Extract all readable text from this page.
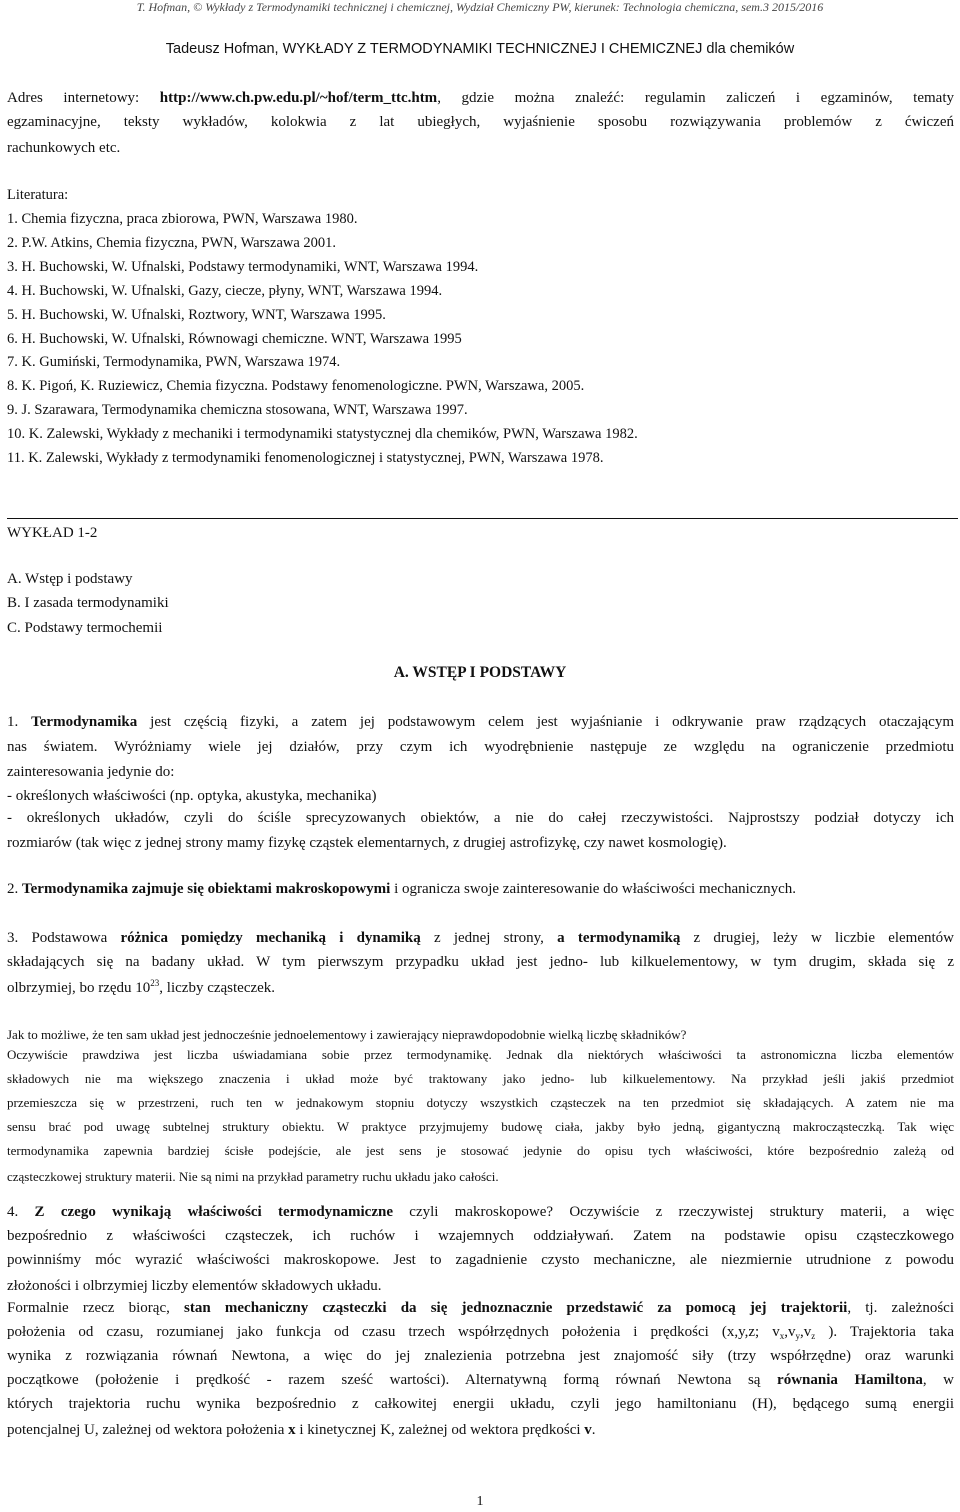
T. Hofman, © Wykłady z Termodynamiki technicznej i chemicznej, Wydział Chemiczny PW, kierunek: Technologia chemiczna, sem.3 2015/2016
Tadeusz Hofman, WYKŁADY Z TERMODYNAMIKI TECHNICZNEJ I CHEMICZNEJ dla chemików
Adres internetowy: http://www.ch.pw.edu.pl/~hof/term_ttc.htm, gdzie można znaleźć: regulamin zaliczeń i egzaminów, tematy
egzaminacyjne, teksty wykładów, kolokwia z lat ubiegłych, wyjaśnienie sposobu rozwiązywania problemów z ćwiczeń
rachunkowych etc.
Literatura:
1. Chemia fizyczna, praca zbiorowa, PWN, Warszawa 1980.
2. P.W. Atkins, Chemia fizyczna, PWN, Warszawa 2001.
3. H. Buchowski, W. Ufnalski, Podstawy termodynamiki, WNT, Warszawa 1994.
4. H. Buchowski, W. Ufnalski, Gazy, ciecze, płyny, WNT, Warszawa 1994.
5. H. Buchowski, W. Ufnalski, Roztwory, WNT, Warszawa 1995.
6. H. Buchowski, W. Ufnalski, Równowagi chemiczne. WNT, Warszawa 1995
7. K. Gumiński, Termodynamika, PWN, Warszawa 1974.
8. K. Pigoń, K. Ruziewicz, Chemia fizyczna. Podstawy fenomenologiczne. PWN, Warszawa, 2005.
9. J. Szarawara, Termodynamika chemiczna stosowana, WNT, Warszawa 1997.
10. K. Zalewski, Wykłady z mechaniki i termodynamiki statystycznej dla chemików, PWN, Warszawa 1982.
11. K. Zalewski, Wykłady z termodynamiki fenomenologicznej i statystycznej, PWN, Warszawa 1978.
WYKŁAD 1-2
A. Wstęp i podstawy
B. I zasada termodynamiki
C. Podstawy termochemii
A. WSTĘP I PODSTAWY
1. Termodynamika jest częścią fizyki, a zatem jej podstawowym celem jest wyjaśnianie i odkrywanie praw rządzących otaczającym
nas światem. Wyróżniamy wiele jej działów, przy czym ich wyodrębnienie następuje ze względu na ograniczenie przedmiotu
zainteresowania jedynie do:
- określonych właściwości (np. optyka, akustyka, mechanika)
- określonych układów, czyli do ściśle sprecyzowanych obiektów, a nie do całej rzeczywistości. Najprostszy podział dotyczy ich
rozmiarów (tak więc z jednej strony mamy fizykę cząstek elementarnych, z drugiej astrofizykę, czy nawet kosmologię).
2. Termodynamika zajmuje się obiektami makroskopowymi i ogranicza swoje zainteresowanie do właściwości mechanicznych.
3. Podstawowa różnica pomiędzy mechaniką i dynamiką z jednej strony, a termodynamiką z drugiej, leży w liczbie elementów
składających się na badany układ. W tym pierwszym przypadku układ jest jedno- lub kilkuelementowy, w tym drugim, składa się z
olbrzymiej, bo rzędu $10^{23}$, liczby cząsteczek.
Jak to możliwe, że ten sam układ jest jednocześnie jednoelementowy i zawierający nieprawdopodobnie wielką liczbę składników?
Oczywiście prawdziwa jest liczba uświadamiana sobie przez termodynamikę. Jednak dla niektórych właściwości ta astronomiczna liczba elementów
składowych nie ma większego znaczenia i układ może być traktowany jako jedno- lub kilkuelementowy. Na przykład jeśli jakiś przedmiot
przemieszcza się w przestrzeni, ruch ten w jednakowym stopniu dotyczy wszystkich cząsteczek na ten przedmiot się składających. A zatem nie ma
sensu brać pod uwagę subtelnej struktury obiektu. W praktyce przyjmujemy budowę ciała, jakby było jedną, gigantyczną makrocząsteczką. Tak więc
termodynamika zapewnia bardziej ścisłe podejście, ale jest sens je stosować jedynie do opisu tych właściwości, które bezpośrednio zależą od
cząsteczkowej struktury materii. Nie są nimi na przykład parametry ruchu układu jako całości.
4. Z czego wynikają właściwości termodynamiczne czyli makroskopowe? Oczywiście z rzeczywistej struktury materii, a więc
bezpośrednio z właściwości cząsteczek, ich ruchów i wzajemnych oddziaływań. Zatem na podstawie opisu cząsteczkowego
powinniśmy móc wyrazić właściwości makroskopowe. Jest to zagadnienie czysto mechaniczne, ale niezmiernie utrudnione z powodu
złożoności i olbrzymiej liczby elementów składowych układu.
Formalnie rzecz biorąc, stan mechaniczny cząsteczki da się jednoznacznie przedstawić za pomocą jej trajektorii, tj. zależności
położenia od czasu, rozumianej jako funkcja od czasu trzech współrzędnych położenia i prędkości (x,y,z; $v_x,v_y,v_z$ ). Trajektoria taka
wynika z rozwiązania równań Newtona, a więc do jej znalezienia potrzebna jest znajomość siły (trzy współrzędne) oraz warunki
początkowe (położenie i prędkość - razem sześć wartości). Alternatywną formą równań Newtona są równania Hamiltona, w
których trajektoria ruchu wynika bezpośrednio z całkowitej energii układu, czyli jego hamiltonianu (H), będącego sumą energii
potencjalnej U, zależnej od wektora położenia x i kinetycznej K, zależnej od wektora prędkości v.
1
